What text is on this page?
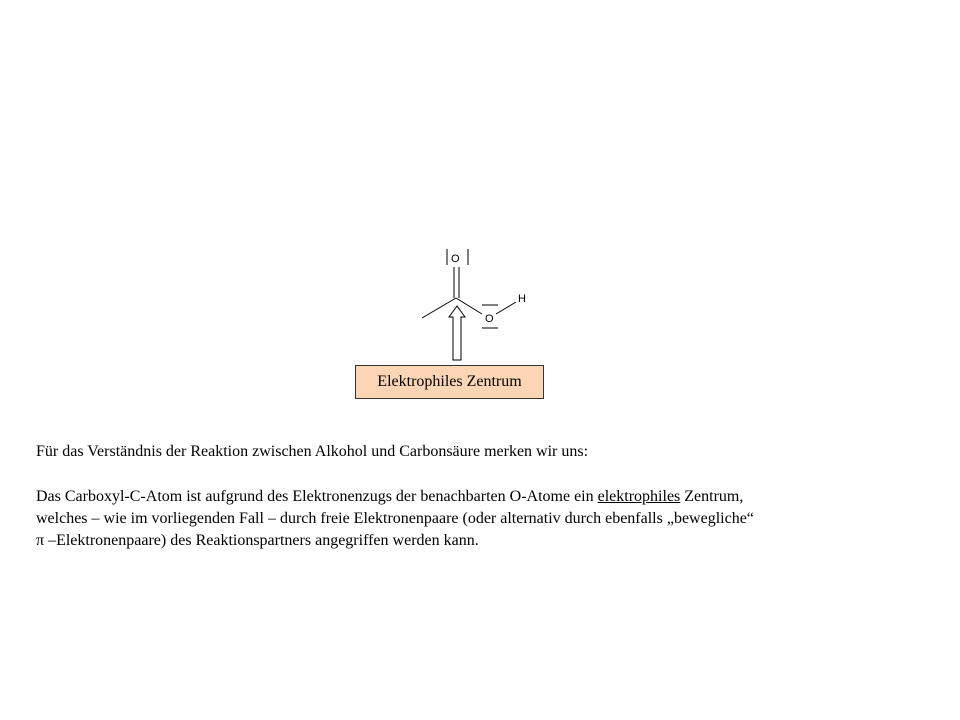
O
O
H
Elektrophiles Zentrum

Für das Verständnis der Reaktion zwischen Alkohol und Carbonsäure merken wir uns:

Das Carboxyl-C-Atom ist aufgrund des Elektronenzugs der benachbarten O-Atome ein elektrophiles Zentrum,
welches – wie im vorliegenden Fall – durch freie Elektronenpaare (oder alternativ durch ebenfalls „bewegliche“
π –Elektronenpaare) des Reaktionspartners angegriffen werden kann.
